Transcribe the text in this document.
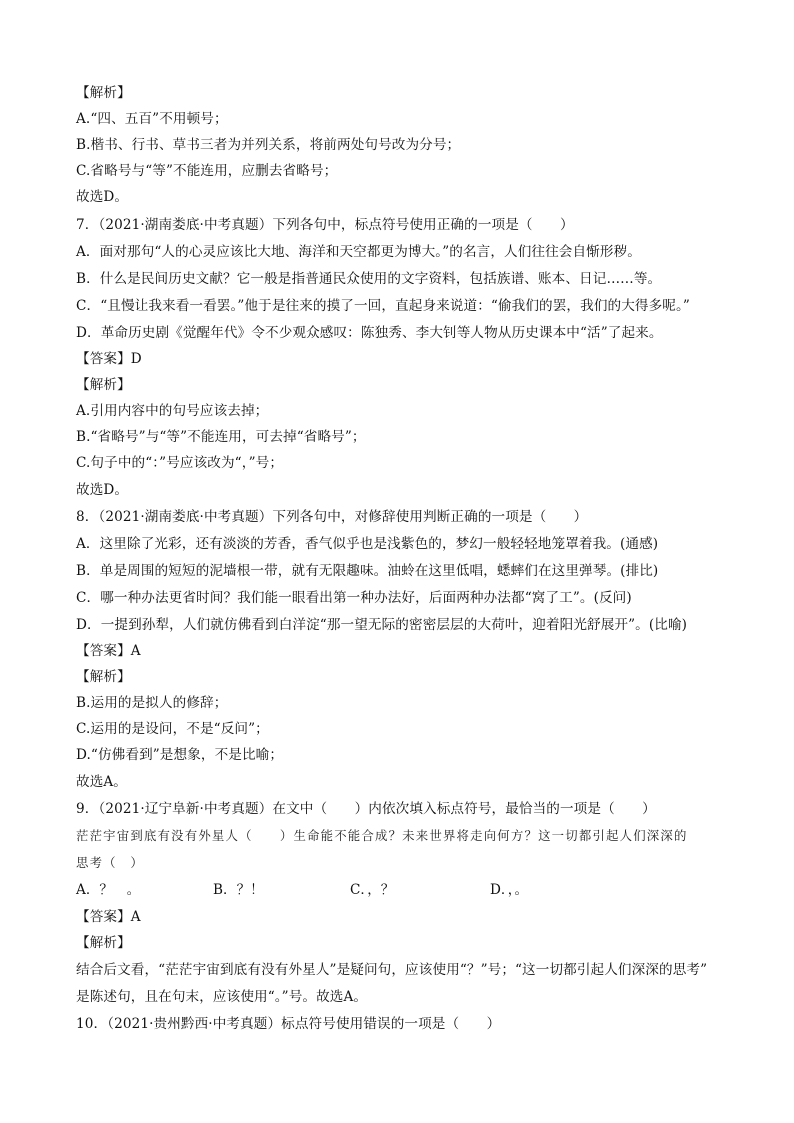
【解析】
A.“四、五百”不用顿号；
B.楷书、行书、草书三者为并列关系，将前两处句号改为分号；
C.省略号与“等”不能连用，应删去省略号；
故选D。
7．（2021·湖南娄底·中考真题）下列各句中，标点符号使用正确的一项是（　　）
A．面对那句“人的心灵应该比大地、海洋和天空都更为博大。”的名言，人们往往会自惭形秽。
B．什么是民间历史文献？它一般是指普通民众使用的文字资料，包括族谱、账本、日记……等。
C．“且慢让我来看一看罢。”他于是往来的摸了一回，直起身来说道：“偷我们的罢，我们的大得多呢。”
D．革命历史剧《觉醒年代》令不少观众感叹：陈独秀、李大钊等人物从历史课本中“活”了起来。
【答案】D
【解析】
A.引用内容中的句号应该去掉；
B.“省略号”与“等”不能连用，可去掉“省略号”；
C.句子中的“：”号应该改为“，”号；
故选D。
8．（2021·湖南娄底·中考真题）下列各句中，对修辞使用判断正确的一项是（　　）
A．这里除了光彩，还有淡淡的芳香，香气似乎也是浅紫色的，梦幻一般轻轻地笼罩着我。(通感)
B．单是周围的短短的泥墙根一带，就有无限趣味。油蛉在这里低唱，蟋蟀们在这里弹琴。(排比)
C．哪一种办法更省时间？我们能一眼看出第一种办法好，后面两种办法都“窝了工”。(反问)
D．一提到孙犁，人们就仿佛看到白洋淀“那一望无际的密密层层的大荷叶，迎着阳光舒展开”。(比喻)
【答案】A
【解析】
B.运用的是拟人的修辞；
C.运用的是设问，不是“反问”；
D.“仿佛看到”是想象，不是比喻；
故选A。
9．（2021·辽宁阜新·中考真题）在文中（　　）内依次填入标点符号，最恰当的一项是（　　）
茫茫宇宙到底有没有外星人（　　）生命能不能合成？未来世界将走向何方？这一切都引起人们深深的
思考（　）
【答案】A
【解析】
结合后文看，“茫茫宇宙到底有没有外星人”是疑问句，应该使用“？”号；“这一切都引起人们深深的思考”
是陈述句，且在句末，应该使用“。”号。故选A。
10．（2021·贵州黔西·中考真题）标点符号使用错误的一项是（　　）
A．？　。	B．？！	C．，？	D．，。
